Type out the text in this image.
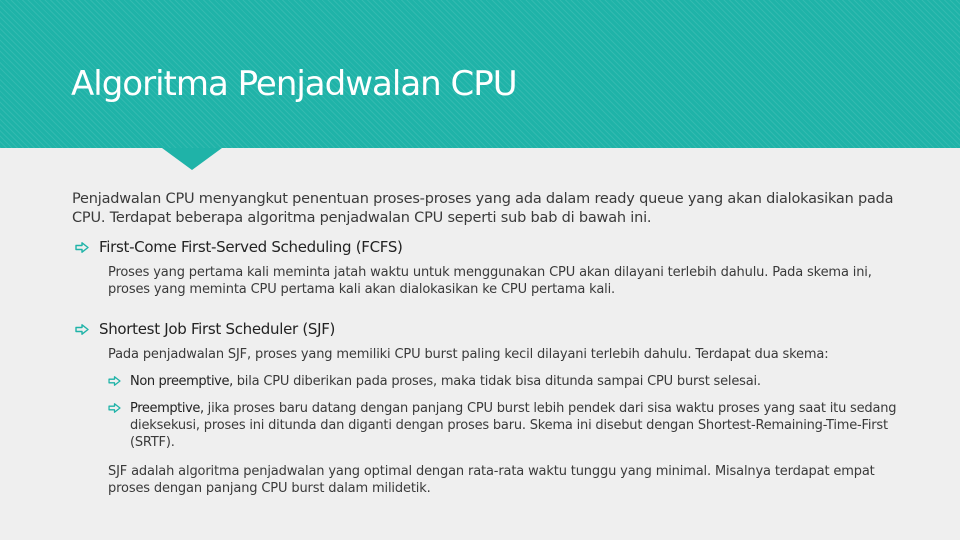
Algoritma Penjadwalan CPU
Penjadwalan CPU menyangkut penentuan proses-proses yang ada dalam ready queue yang akan dialokasikan pada CPU. Terdapat beberapa algoritma penjadwalan CPU seperti sub bab di bawah ini.
First-Come First-Served Scheduling (FCFS)
Proses yang pertama kali meminta jatah waktu untuk menggunakan CPU akan dilayani terlebih dahulu. Pada skema ini, proses yang meminta CPU pertama kali akan dialokasikan ke CPU pertama kali.
Shortest Job First Scheduler (SJF)
Pada penjadwalan SJF, proses yang memiliki CPU burst paling kecil dilayani terlebih dahulu. Terdapat dua skema:
Non preemptive, bila CPU diberikan pada proses, maka tidak bisa ditunda sampai CPU burst selesai.
Preemptive, jika proses baru datang dengan panjang CPU burst lebih pendek dari sisa waktu proses yang saat itu sedang dieksekusi, proses ini ditunda dan diganti dengan proses baru. Skema ini disebut dengan Shortest-Remaining-Time-First (SRTF).
SJF adalah algoritma penjadwalan yang optimal dengan rata-rata waktu tunggu yang minimal. Misalnya terdapat empat proses dengan panjang CPU burst dalam milidetik.
